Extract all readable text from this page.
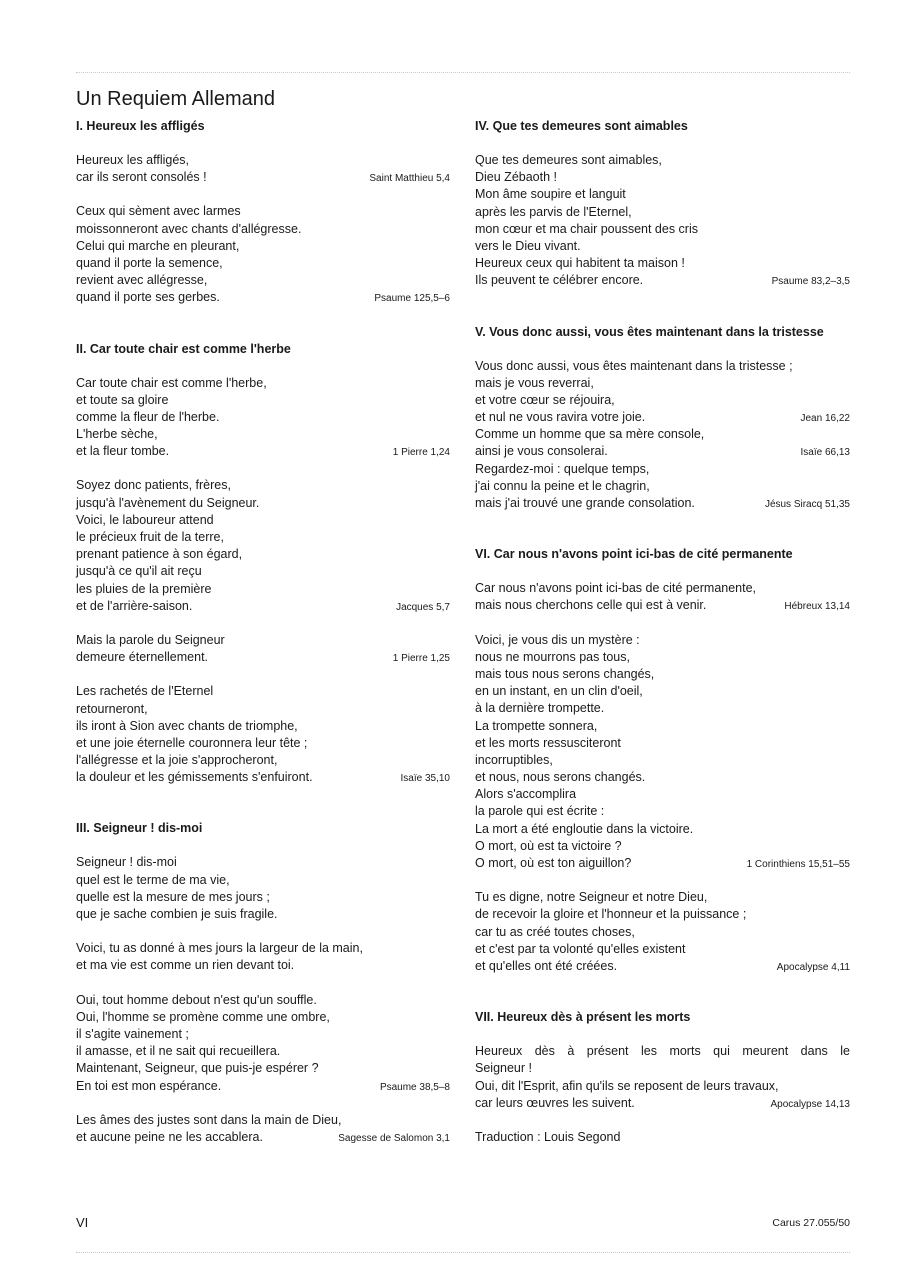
Un Requiem Allemand
I. Heureux les affligés
Heureux les affligés,
car ils seront consolés !	Saint Matthieu 5,4
Ceux qui sèment avec larmes
moissonneront avec chants d'allégresse.
Celui qui marche en pleurant,
quand il porte la semence,
revient avec allégresse,
quand il porte ses gerbes.	Psaume 125,5–6
II. Car toute chair est comme l'herbe
Car toute chair est comme l'herbe,
et toute sa gloire
comme la fleur de l'herbe.
L'herbe sèche,
et la fleur tombe.	1 Pierre 1,24
Soyez donc patients, frères,
jusqu'à l'avènement du Seigneur.
Voici, le laboureur attend
le précieux fruit de la terre,
prenant patience à son égard,
jusqu'à ce qu'il ait reçu
les pluies de la première
et de l'arrière-saison.	Jacques 5,7
Mais la parole du Seigneur
demeure éternellement.	1 Pierre 1,25
Les rachetés de l'Eternel
retourneront,
ils iront à Sion avec chants de triomphe,
et une joie éternelle couronnera leur tête ;
l'allégresse et la joie s'approcheront,
la douleur et les gémissements s'enfuiront.	Isaïe 35,10
III. Seigneur ! dis-moi
Seigneur ! dis-moi
quel est le terme de ma vie,
quelle est la mesure de mes jours ;
que je sache combien je suis fragile.
Voici, tu as donné à mes jours la largeur de la main,
et ma vie est comme un rien devant toi.
Oui, tout homme debout n'est qu'un souffle.
Oui, l'homme se promène comme une ombre,
il s'agite vainement ;
il amasse, et il ne sait qui recueillera.
Maintenant, Seigneur, que puis-je espérer ?
En toi est mon espérance.	Psaume 38,5–8
Les âmes des justes sont dans la main de Dieu,
et aucune peine ne les accablera.	Sagesse de Salomon 3,1
IV. Que tes demeures sont aimables
Que tes demeures sont aimables,
Dieu Zébaoth !
Mon âme soupire et languit
après les parvis de l'Eternel,
mon cœur et ma chair poussent des cris
vers le Dieu vivant.
Heureux ceux qui habitent ta maison !
Ils peuvent te célébrer encore.	Psaume 83,2–3,5
V. Vous donc aussi, vous êtes maintenant dans la tristesse
Vous donc aussi, vous êtes maintenant dans la tristesse ;
mais je vous reverrai,
et votre cœur se réjouira,
et nul ne vous ravira votre joie.	Jean 16,22
Comme un homme que sa mère console,
ainsi je vous consolerai.	Isaïe 66,13
Regardez-moi : quelque temps,
j'ai connu la peine et le chagrin,
mais j'ai trouvé une grande consolation.	Jésus Siracq 51,35
VI. Car nous n'avons point ici-bas de cité permanente
Car nous n'avons point ici-bas de cité permanente,
mais nous cherchons celle qui est à venir.	Hébreux 13,14
Voici, je vous dis un mystère :
nous ne mourrons pas tous,
mais tous nous serons changés,
en un instant, en un clin d'oeil,
à la dernière trompette.
La trompette sonnera,
et les morts ressusciteront
incorruptibles,
et nous, nous serons changés.
Alors s'accomplira
la parole qui est écrite :
La mort a été engloutie dans la victoire.
O mort, où est ta victoire ?
O mort, où est ton aiguillon?	1 Corinthiens 15,51–55
Tu es digne, notre Seigneur et notre Dieu,
de recevoir la gloire et l'honneur et la puissance ;
car tu as créé toutes choses,
et c'est par ta volonté qu'elles existent
et qu'elles ont été créées.	Apocalypse 4,11
VII. Heureux dès à présent les morts
Heureux dès à présent les morts qui meurent dans le
Seigneur !
Oui, dit l'Esprit, afin qu'ils se reposent de leurs travaux,
car leurs œuvres les suivent.	Apocalypse 14,13
Traduction : Louis Segond
VI	Carus 27.055/50
